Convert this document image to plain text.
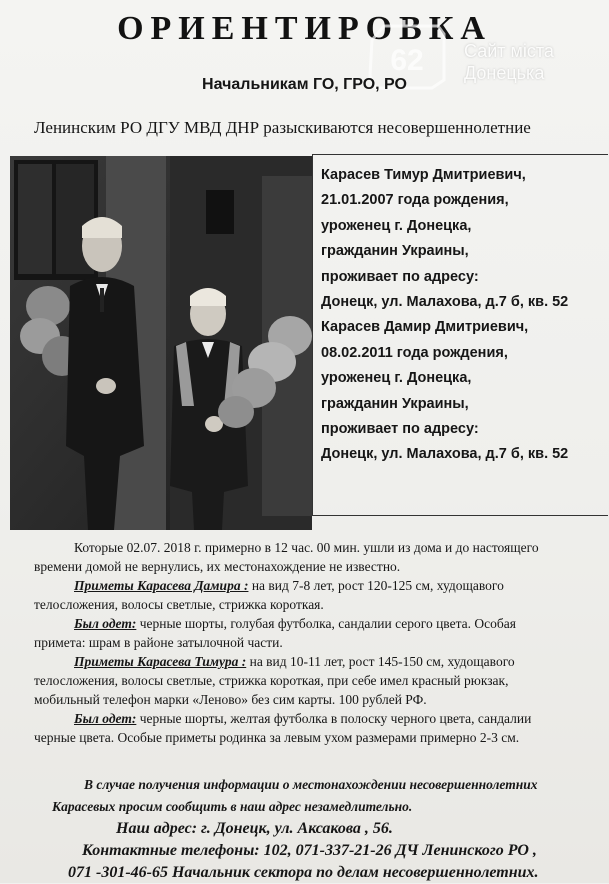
ОРИЕНТИРОВКА
62 Сайт міста
Донецька
Начальникам ГО, ГРО, РО
Ленинским РО ДГУ МВД ДНР разыскиваются несовершеннолетние
Карасев Тимур Дмитриевич,
21.01.2007 года рождения,
уроженец г. Донецка,
гражданин Украины,
проживает по адресу:
Донецк, ул. Малахова, д.7 б, кв. 52
Карасев Дамир Дмитриевич,
08.02.2011 года рождения,
уроженец г. Донецка,
гражданин Украины,
проживает по адресу:
Донецк, ул. Малахова, д.7 б, кв. 52
Которые 02.07. 2018 г. примерно в 12 час. 00 мин. ушли из дома и до настоящего
времени домой не вернулись, их местонахождение не известно.
Приметы Карасева Дамира : на вид 7-8 лет, рост 120-125 см, худощавого
телосложения, волосы светлые, стрижка короткая.
Был одет: черные шорты, голубая футболка, сандалии серого цвета. Особая
примета: шрам в районе затылочной части.
Приметы Карасева Тимура : на вид 10-11 лет, рост 145-150 см, худощавого
телосложения, волосы светлые, стрижка короткая, при себе имел красный рюкзак,
мобильный телефон марки «Леново» без сим карты. 100 рублей РФ.
Был одет: черные шорты, желтая футболка в полоску черного цвета, сандалии
черные цвета. Особые приметы родинка за левым ухом размерами примерно 2-3 см.
В случае получения информации о местонахождении несовершеннолетних
Карасевых просим сообщить в наш адрес незамедлительно.
Наш адрес: г. Донецк, ул. Аксакова , 56.
Контактные телефоны: 102, 071-337-21-26 ДЧ Ленинского РО ,
071 -301-46-65 Начальник сектора по делам несовершеннолетних.
